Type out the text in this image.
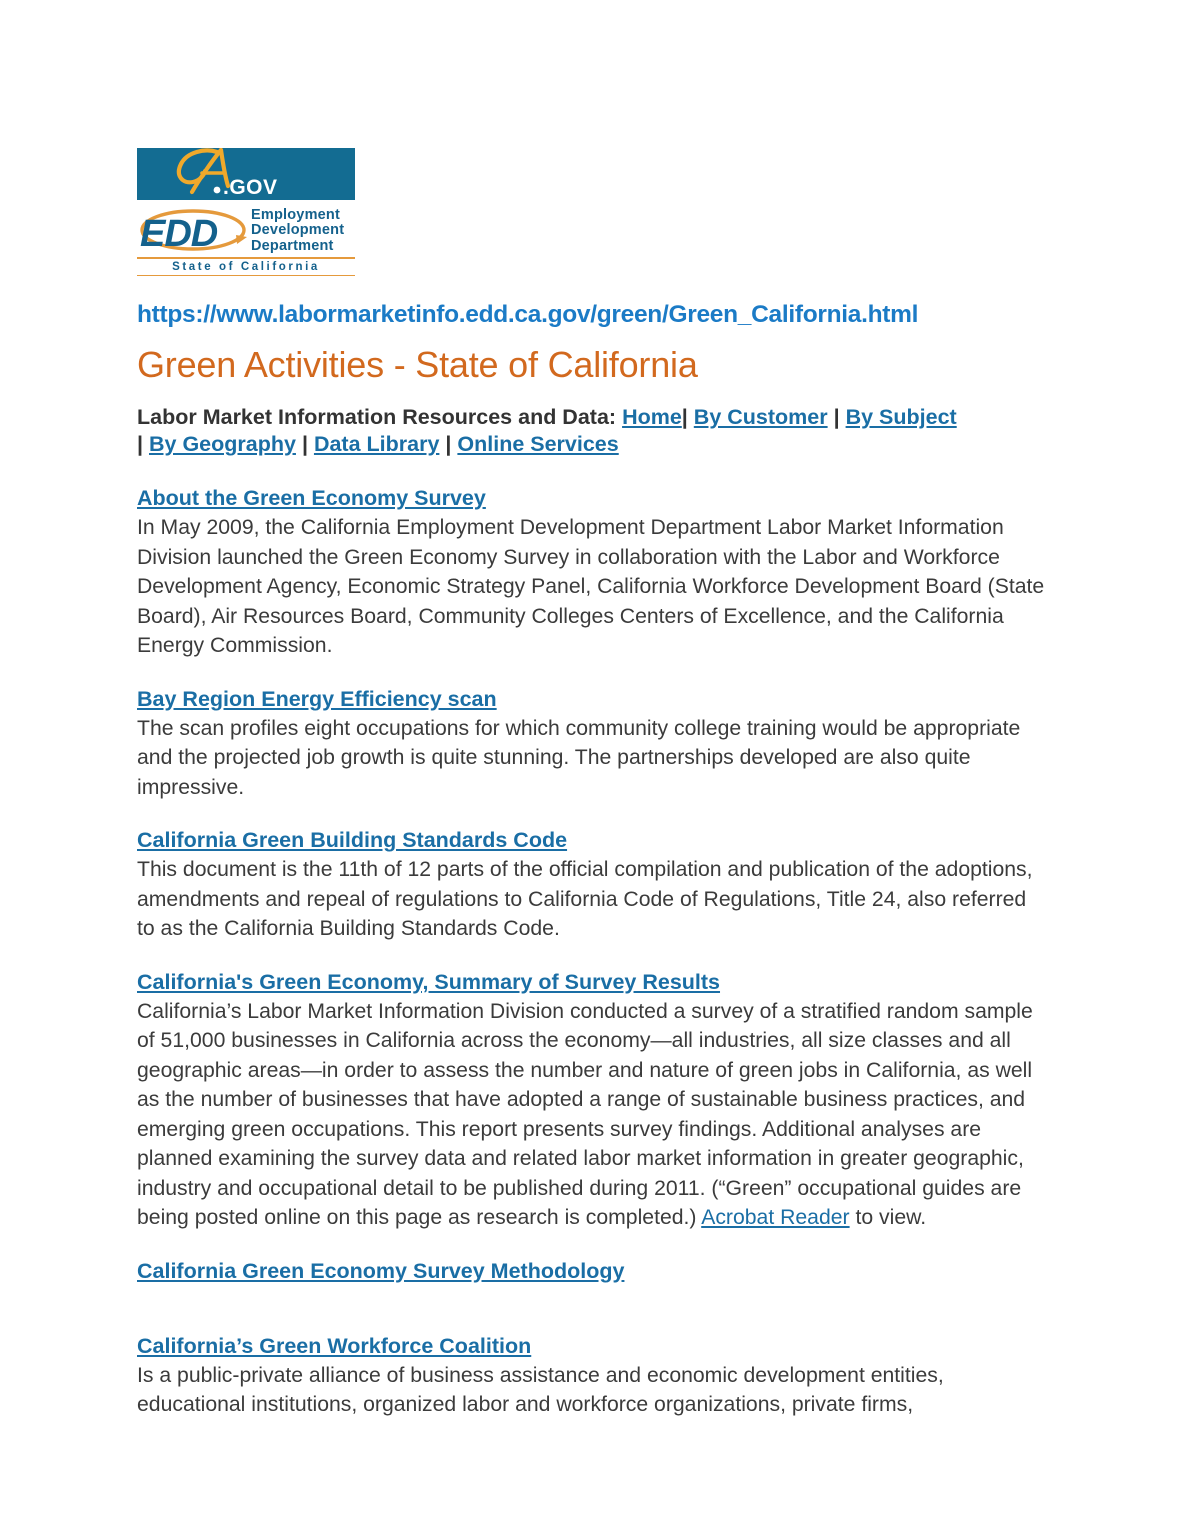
.GOV
EDD Employment
Development
Department
State of California
https://www.labormarketinfo.edd.ca.gov/green/Green_California.html
Green Activities - State of California
Labor Market Information Resources and Data: Home| By Customer | By Subject | By Geography | Data Library | Online Services
About the Green Economy Survey

In May 2009, the California Employment Development Department Labor Market Information Division launched the Green Economy Survey in collaboration with the Labor and Workforce Development Agency, Economic Strategy Panel, California Workforce Development Board (State Board), Air Resources Board, Community Colleges Centers of Excellence, and the California Energy Commission.

Bay Region Energy Efficiency scan

The scan profiles eight occupations for which community college training would be appropriate and the projected job growth is quite stunning. The partnerships developed are also quite impressive.

California Green Building Standards Code

This document is the 11th of 12 parts of the official compilation and publication of the adoptions, amendments and repeal of regulations to California Code of Regulations, Title 24, also referred to as the California Building Standards Code.

California's Green Economy, Summary of Survey Results

California’s Labor Market Information Division conducted a survey of a stratified random sample of 51,000 businesses in California across the economy—all industries, all size classes and all geographic areas—in order to assess the number and nature of green jobs in California, as well as the number of businesses that have adopted a range of sustainable business practices, and emerging green occupations. This report presents survey findings. Additional analyses are planned examining the survey data and related labor market information in greater geographic, industry and occupational detail to be published during 2011. (“Green” occupational guides are being posted online on this page as research is completed.) Acrobat Reader to view.

California Green Economy Survey Methodology
California’s Green Workforce Coalition

Is a public-private alliance of business assistance and economic development entities, educational institutions, organized labor and workforce organizations, private firms,
